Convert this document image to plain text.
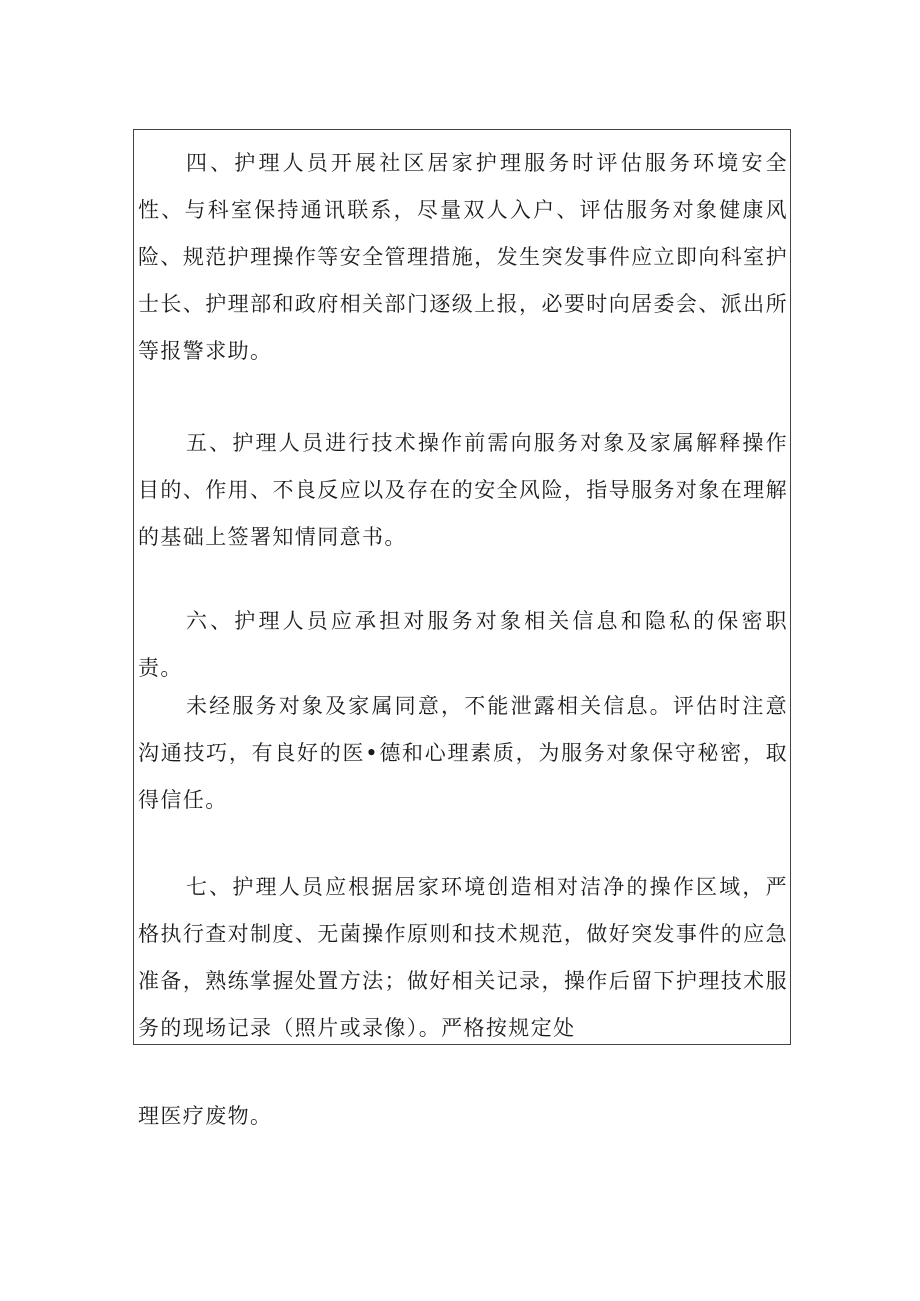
四、护理人员开展社区居家护理服务时评估服务环境安全性、与科室保持通讯联系，尽量双人入户、评估服务对象健康风险、规范护理操作等安全管理措施，发生突发事件应立即向科室护士长、护理部和政府相关部门逐级上报，必要时向居委会、派出所等报警求助。

五、护理人员进行技术操作前需向服务对象及家属解释操作目的、作用、不良反应以及存在的安全风险，指导服务对象在理解的基础上签署知情同意书。

六、护理人员应承担对服务对象相关信息和隐私的保密职责。

未经服务对象及家属同意，不能泄露相关信息。评估时注意沟通技巧，有良好的医•德和心理素质，为服务对象保守秘密，取得信任。

七、护理人员应根据居家环境创造相对洁净的操作区域，严格执行查对制度、无菌操作原则和技术规范，做好突发事件的应急准备，熟练掌握处置方法；做好相关记录，操作后留下护理技术服务的现场记录（照片或录像）。严格按规定处

理医疗废物。
